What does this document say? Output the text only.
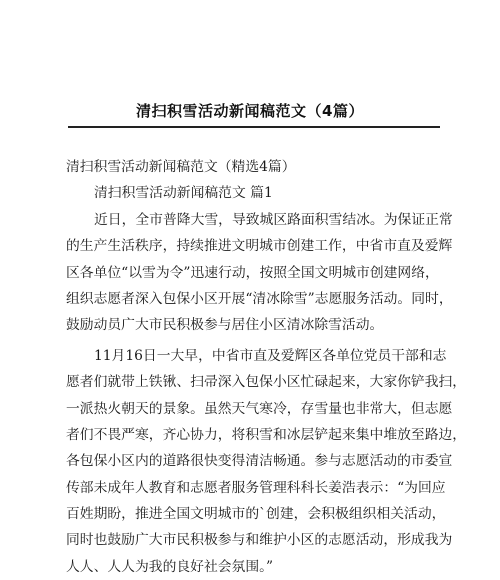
清扫积雪活动新闻稿范文（4篇）
清扫积雪活动新闻稿范文（精选4篇）
清扫积雪活动新闻稿范文 篇1
近日，全市普降大雪，导致城区路面积雪结冰。为保证正常
的生产生活秩序，持续推进文明城市创建工作，中省市直及爱辉
区各单位“以雪为令”迅速行动，按照全国文明城市创建网络，
组织志愿者深入包保小区开展“清冰除雪”志愿服务活动。同时，
鼓励动员广大市民积极参与居住小区清冰除雪活动。
11月16日一大早，中省市直及爱辉区各单位党员干部和志
愿者们就带上铁锹、扫帚深入包保小区忙碌起来，大家你铲我扫，
一派热火朝天的景象。虽然天气寒冷，存雪量也非常大，但志愿
者们不畏严寒，齐心协力，将积雪和冰层铲起来集中堆放至路边，
各包保小区内的道路很快变得清洁畅通。参与志愿活动的市委宣
传部未成年人教育和志愿者服务管理科科长姜浩表示：“为回应
百姓期盼，推进全国文明城市的`创建，会积极组织相关活动，
同时也鼓励广大市民积极参与和维护小区的志愿活动，形成我为
人人、人人为我的良好社会氛围。”
